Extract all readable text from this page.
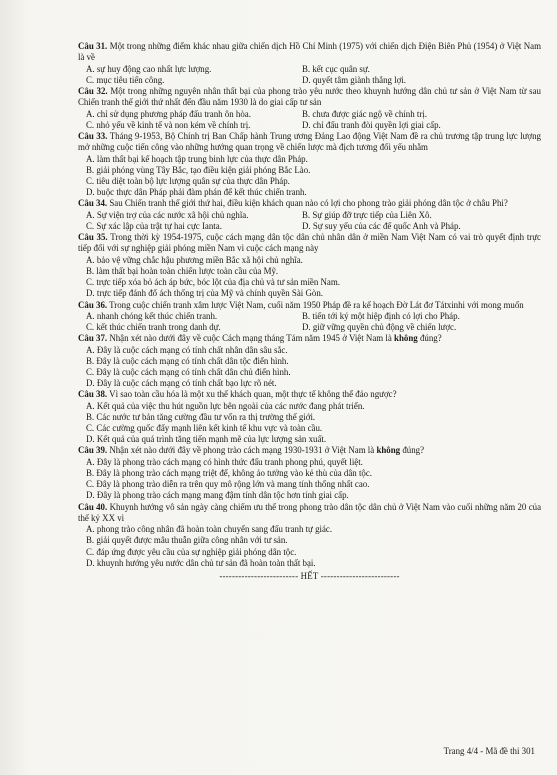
Câu 31. Một trong những điểm khác nhau giữa chiến dịch Hồ Chí Minh (1975) với chiến dịch Điện Biên Phủ (1954) ở Việt Nam là về
A. sự huy động cao nhất lực lượng.	B. kết cục quân sự.
C. mục tiêu tiến công.	D. quyết tâm giành thắng lợi.
Câu 32. Một trong những nguyên nhân thất bại của phong trào yêu nước theo khuynh hướng dân chủ tư sản ở Việt Nam từ sau Chiến tranh thế giới thứ nhất đến đầu năm 1930 là do giai cấp tư sản
A. chỉ sử dụng phương pháp đấu tranh ôn hòa.	B. chưa được giác ngộ về chính trị.
C. nhỏ yếu về kinh tế và non kém về chính trị.	D. chỉ đấu tranh đòi quyền lợi giai cấp.
Câu 33. Tháng 9-1953, Bộ Chính trị Ban Chấp hành Trung ương Đảng Lao động Việt Nam đề ra chủ trương tập trung lực lượng mở những cuộc tiến công vào những hướng quan trọng về chiến lược mà địch tương đối yếu nhằm
A. làm thất bại kế hoạch tập trung binh lực của thực dân Pháp.
B. giải phóng vùng Tây Bắc, tạo điều kiện giải phóng Bắc Lào.
C. tiêu diệt toàn bộ lực lượng quân sự của thực dân Pháp.
D. buộc thực dân Pháp phải đàm phán để kết thúc chiến tranh.
Câu 34. Sau Chiến tranh thế giới thứ hai, điều kiện khách quan nào có lợi cho phong trào giải phóng dân tộc ở châu Phi?
A. Sự viện trợ của các nước xã hội chủ nghĩa.	B. Sự giúp đỡ trực tiếp của Liên Xô.
C. Sự xác lập của trật tự hai cực Ianta.	D. Sự suy yếu của các đế quốc Anh và Pháp.
Câu 35. Trong thời kỳ 1954-1975, cuộc cách mạng dân tộc dân chủ nhân dân ở miền Nam Việt Nam có vai trò quyết định trực tiếp đối với sự nghiệp giải phóng miền Nam vì cuộc cách mạng này
A. bảo vệ vững chắc hậu phương miền Bắc xã hội chủ nghĩa.
B. làm thất bại hoàn toàn chiến lược toàn cầu của Mỹ.
C. trực tiếp xóa bỏ ách áp bức, bóc lột của địa chủ và tư sản miền Nam.
D. trực tiếp đánh đổ ách thống trị của Mỹ và chính quyền Sài Gòn.
Câu 36. Trong cuộc chiến tranh xâm lược Việt Nam, cuối năm 1950 Pháp đề ra kế hoạch Đờ Lát đơ Tátxinhi với mong muốn
A. nhanh chóng kết thúc chiến tranh.	B. tiến tới ký một hiệp định có lợi cho Pháp.
C. kết thúc chiến tranh trong danh dự.	D. giữ vững quyền chủ động về chiến lược.
Câu 37. Nhận xét nào dưới đây về cuộc Cách mạng tháng Tám năm 1945 ở Việt Nam là không đúng?
A. Đây là cuộc cách mạng có tính chất nhân dân sâu sắc.
B. Đây là cuộc cách mạng có tính chất dân tộc điển hình.
C. Đây là cuộc cách mạng có tính chất dân chủ điển hình.
D. Đây là cuộc cách mạng có tính chất bạo lực rõ nét.
Câu 38. Vì sao toàn cầu hóa là một xu thế khách quan, một thực tế không thể đảo ngược?
A. Kết quả của việc thu hút nguồn lực bên ngoài của các nước đang phát triển.
B. Các nước tư bản tăng cường đầu tư vốn ra thị trường thế giới.
C. Các cường quốc đẩy mạnh liên kết kinh tế khu vực và toàn cầu.
D. Kết quả của quá trình tăng tiến mạnh mẽ của lực lượng sản xuất.
Câu 39. Nhận xét nào dưới đây về phong trào cách mạng 1930-1931 ở Việt Nam là không đúng?
A. Đây là phong trào cách mạng có hình thức đấu tranh phong phú, quyết liệt.
B. Đây là phong trào cách mạng triệt để, không ảo tưởng vào kẻ thù của dân tộc.
C. Đây là phong trào diễn ra trên quy mô rộng lớn và mang tính thống nhất cao.
D. Đây là phong trào cách mạng mang đậm tính dân tộc hơn tính giai cấp.
Câu 40. Khuynh hướng vô sản ngày càng chiếm ưu thế trong phong trào dân tộc dân chủ ở Việt Nam vào cuối những năm 20 của thế kỷ XX vì
A. phong trào công nhân đã hoàn toàn chuyển sang đấu tranh tự giác.
B. giải quyết được mâu thuẫn giữa công nhân với tư sản.
C. đáp ứng được yêu cầu của sự nghiệp giải phóng dân tộc.
D. khuynh hướng yêu nước dân chủ tư sản đã hoàn toàn thất bại.
------------------------- HẾT -------------------------
Trang 4/4 - Mã đề thi 301
